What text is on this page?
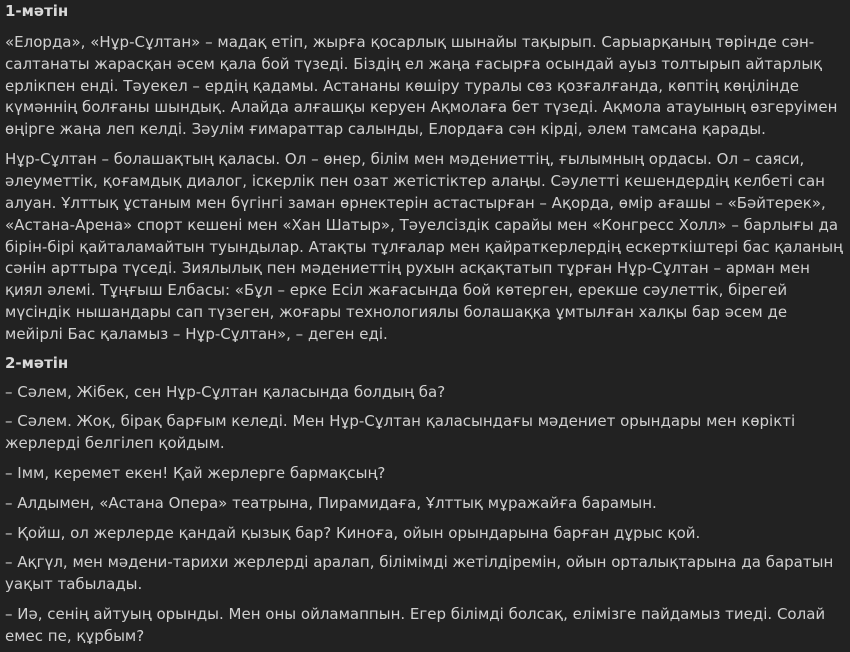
1-мәтін

«Елорда», «Нұр-Сұлтан» – мадақ етіп, жырға қосарлық шынайы тақырып. Сарыарқаның төрінде сән-салтанаты жарасқан әсем қала бой түзеді. Біздің ел жаңа ғасырға осындай ауыз толтырып айтарлық ерлікпен енді. Тәуекел – ердің қадамы. Астананы көшіру туралы сөз қозғалғанда, көптің көңілінде күмәннің болғаны шындық. Алайда алғашқы керуен Ақмолаға бет түзеді. Ақмола атауының өзгеруімен өңірге жаңа леп келді. Зәулім ғимараттар салынды, Елордаға сән кірді, әлем тамсана қарады.

Нұр-Сұлтан – болашақтың қаласы. Ол – өнер, білім мен мәдениеттің, ғылымның ордасы. Ол – саяси, әлеуметтік, қоғамдық диалог, іскерлік пен озат жетістіктер алаңы. Сәулетті кешендердің келбеті сан алуан. Ұлттық ұстаным мен бүгінгі заман өрнектерін астастырған – Ақорда, өмір ағашы – «Бәйтерек», «Астана-Арена» спорт кешені мен «Хан Шатыр», Тәуелсіздік сарайы мен «Конгресс Холл» – барлығы да бірін-бірі қайталамайтын туындылар. Атақты тұлғалар мен қайраткерлердің ескерткіштері бас қаланың сәнін арттыра түседі. Зиялылық пен мәдениеттің рухын асқақтатып тұрған Нұр-Сұлтан – арман мен қиял әлемі. Тұңғыш Елбасы: «Бұл – ерке Есіл жағасында бой көтерген, ерекше сәулеттік, бірегей мүсіндік нышандары сап түзеген, жоғары технологиялы болашаққа ұмтылған халқы бар әсем де мейірлі Бас қаламыз – Нұр-Сұлтан», – деген еді.

2-мәтін

– Сәлем, Жібек, сен Нұр-Сұлтан қаласында болдың ба?

– Сәлем. Жоқ, бірақ барғым келеді. Мен Нұр-Сұлтан қаласындағы мәдениет орындары мен көрікті жерлерді белгілеп қойдым.

– Імм, керемет екен! Қай жерлерге бармақсың?

– Алдымен, «Астана Опера» театрына, Пирамидаға, Ұлттық мұражайға барамын.

– Қойш, ол жерлерде қандай қызық бар? Киноға, ойын орындарына барған дұрыс қой.

– Ақгүл, мен мәдени-тарихи жерлерді аралап, білімімді жетілдіремін, ойын орталықтарына да баратын уақыт табылады.

– Иә, сенің айтуың орынды. Мен оны ойламаппын. Егер білімді болсақ, елімізге пайдамыз тиеді. Солай емес пе, құрбым?
